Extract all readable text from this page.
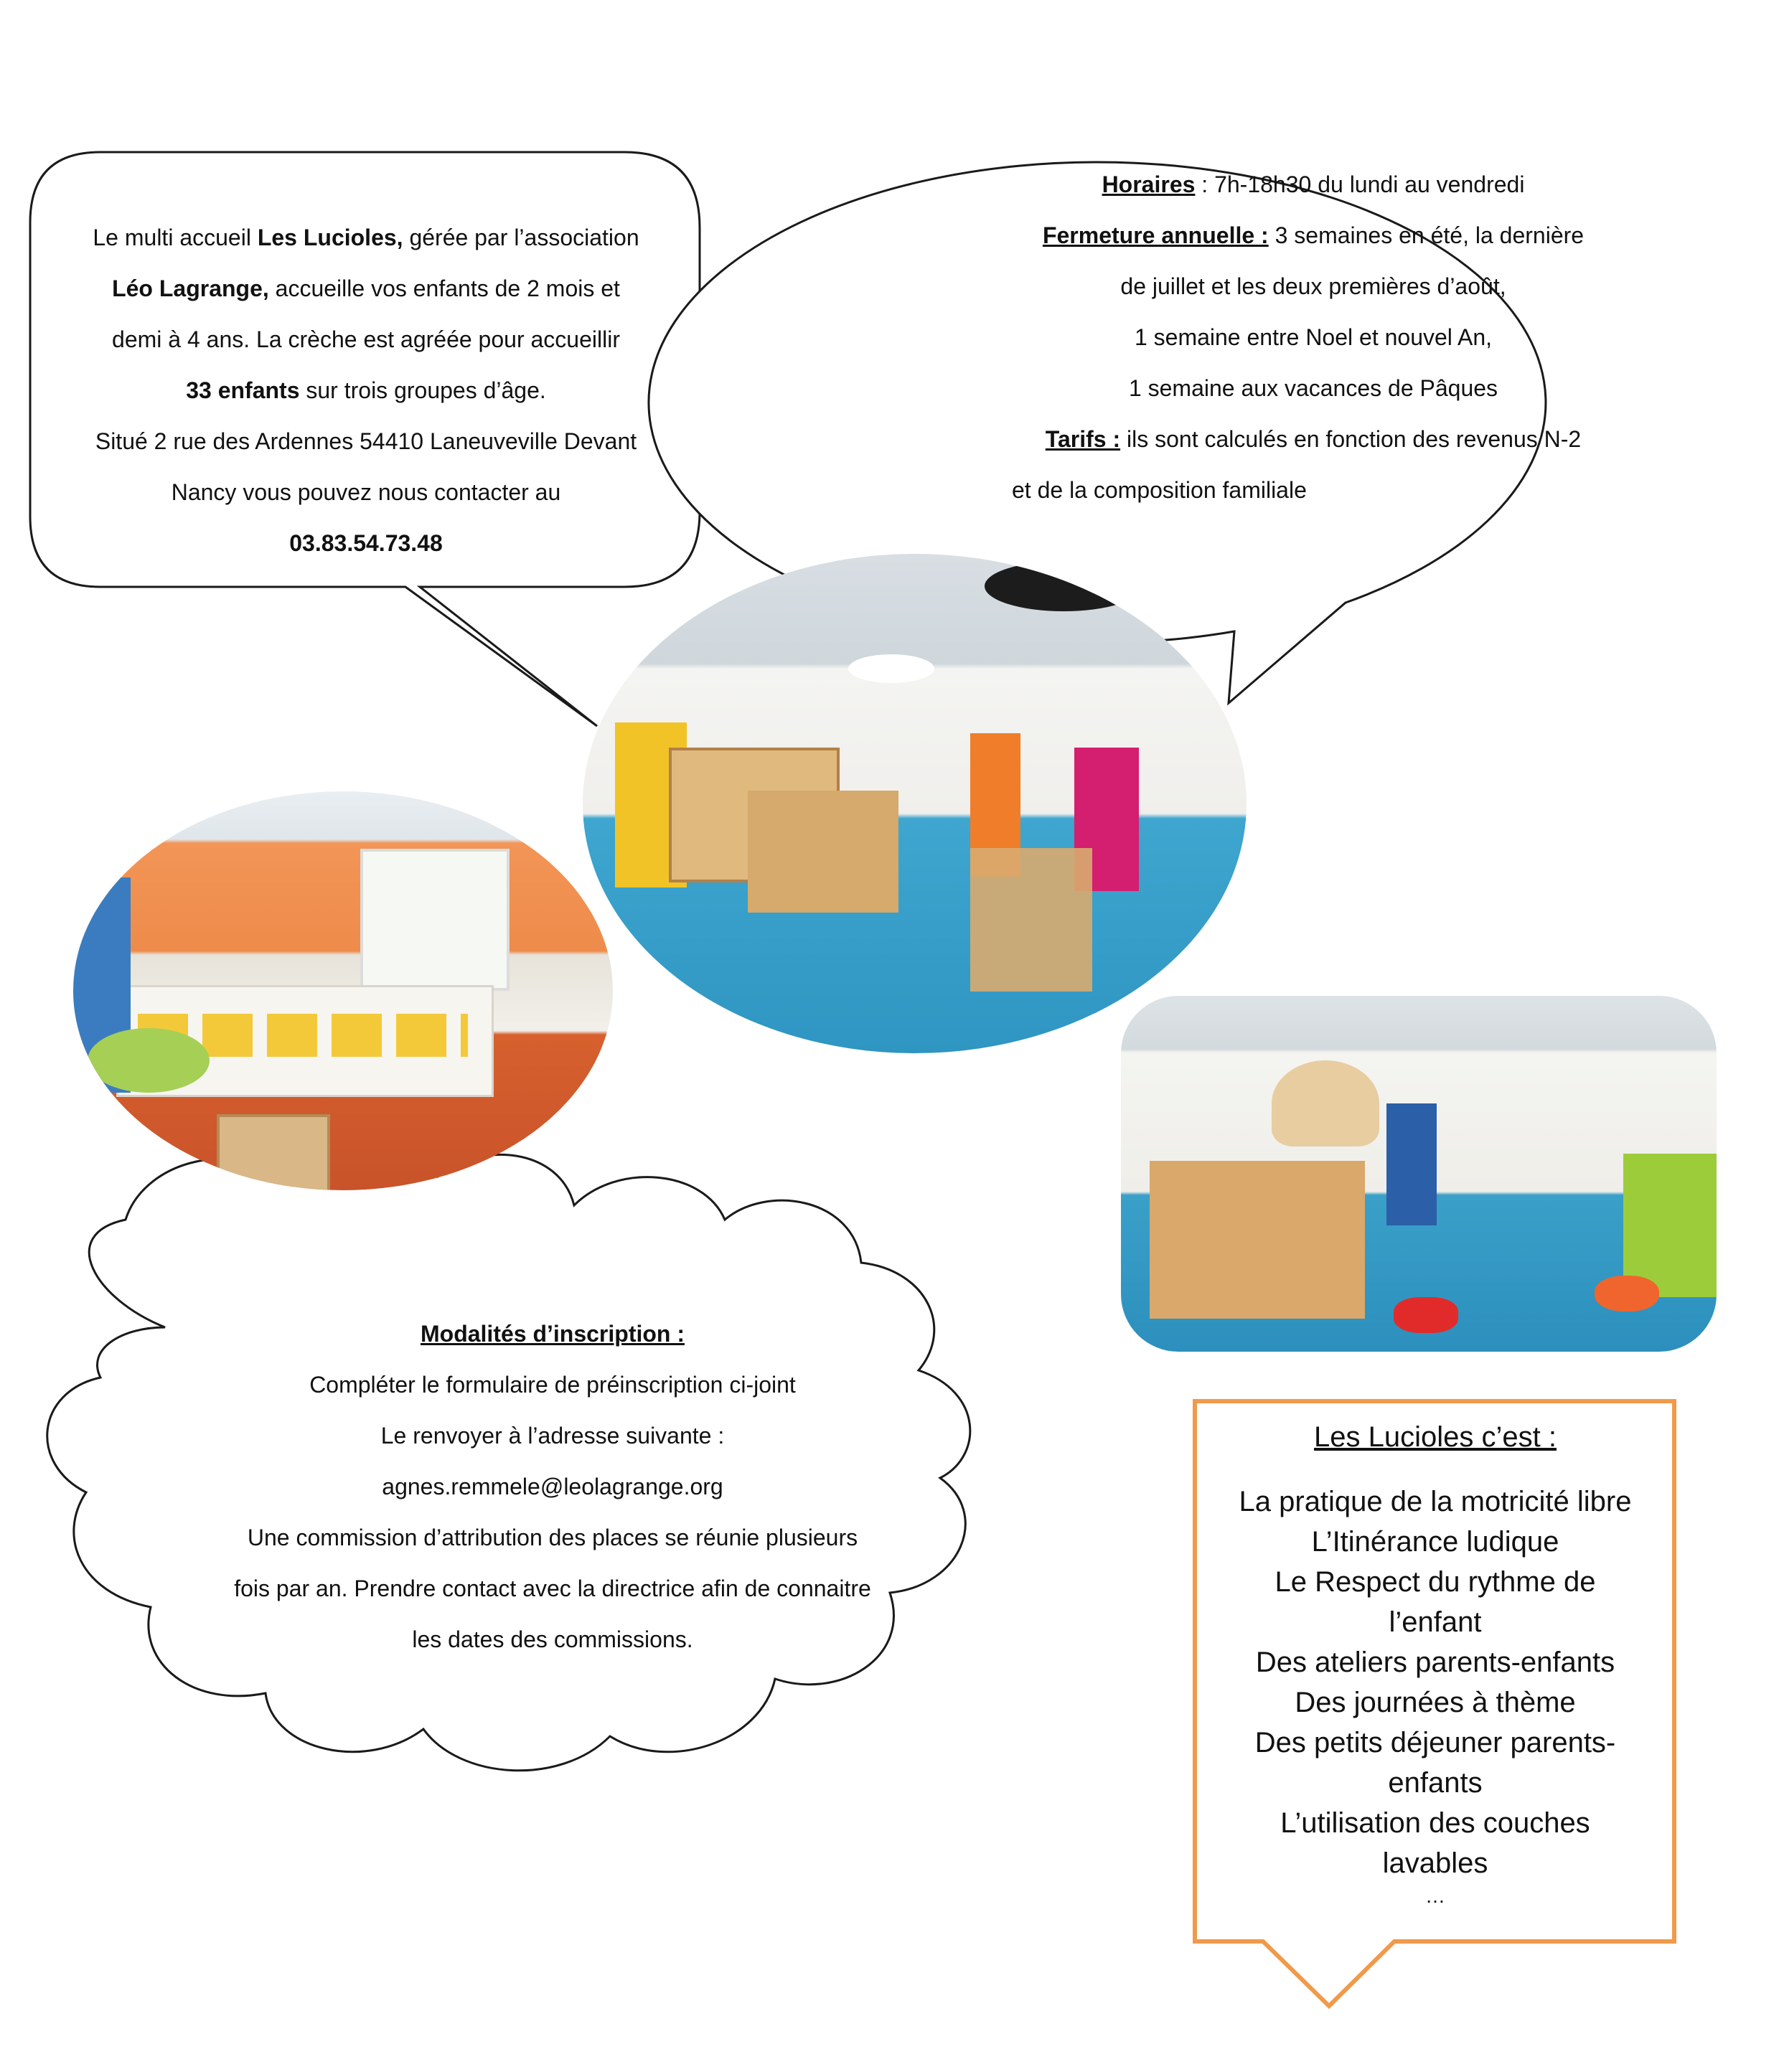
Le multi accueil Les Lucioles, gérée par l’association
Léo Lagrange, accueille vos enfants de 2 mois et
demi à 4 ans. La crèche est agréée pour accueillir
33 enfants sur trois groupes d’âge.
Situé 2 rue des Ardennes 54410 Laneuveville Devant
Nancy vous pouvez nous contacter au
03.83.54.73.48
Horaires : 7h-18h30 du lundi au vendredi
Fermeture annuelle : 3 semaines en été, la dernière
de juillet et les deux premières d’août,
1 semaine entre Noel et nouvel An,
1 semaine aux vacances de Pâques
Tarifs : ils sont calculés en fonction des revenus N-2
et de la composition familiale
Modalités d’inscription :
Compléter le formulaire de préinscription ci-joint
Le renvoyer à l’adresse suivante :
agnes.remmele@leolagrange.org
Une commission d’attribution des places se réunie plusieurs
fois par an. Prendre contact avec la directrice afin de connaitre
les dates des commissions.
Les Lucioles c’est :
La pratique de la motricité libre
L’Itinérance ludique
Le Respect du rythme de
l’enfant
Des ateliers parents-enfants
Des journées à thème
Des petits déjeuner parents-
enfants
L’utilisation des couches
lavables
…
